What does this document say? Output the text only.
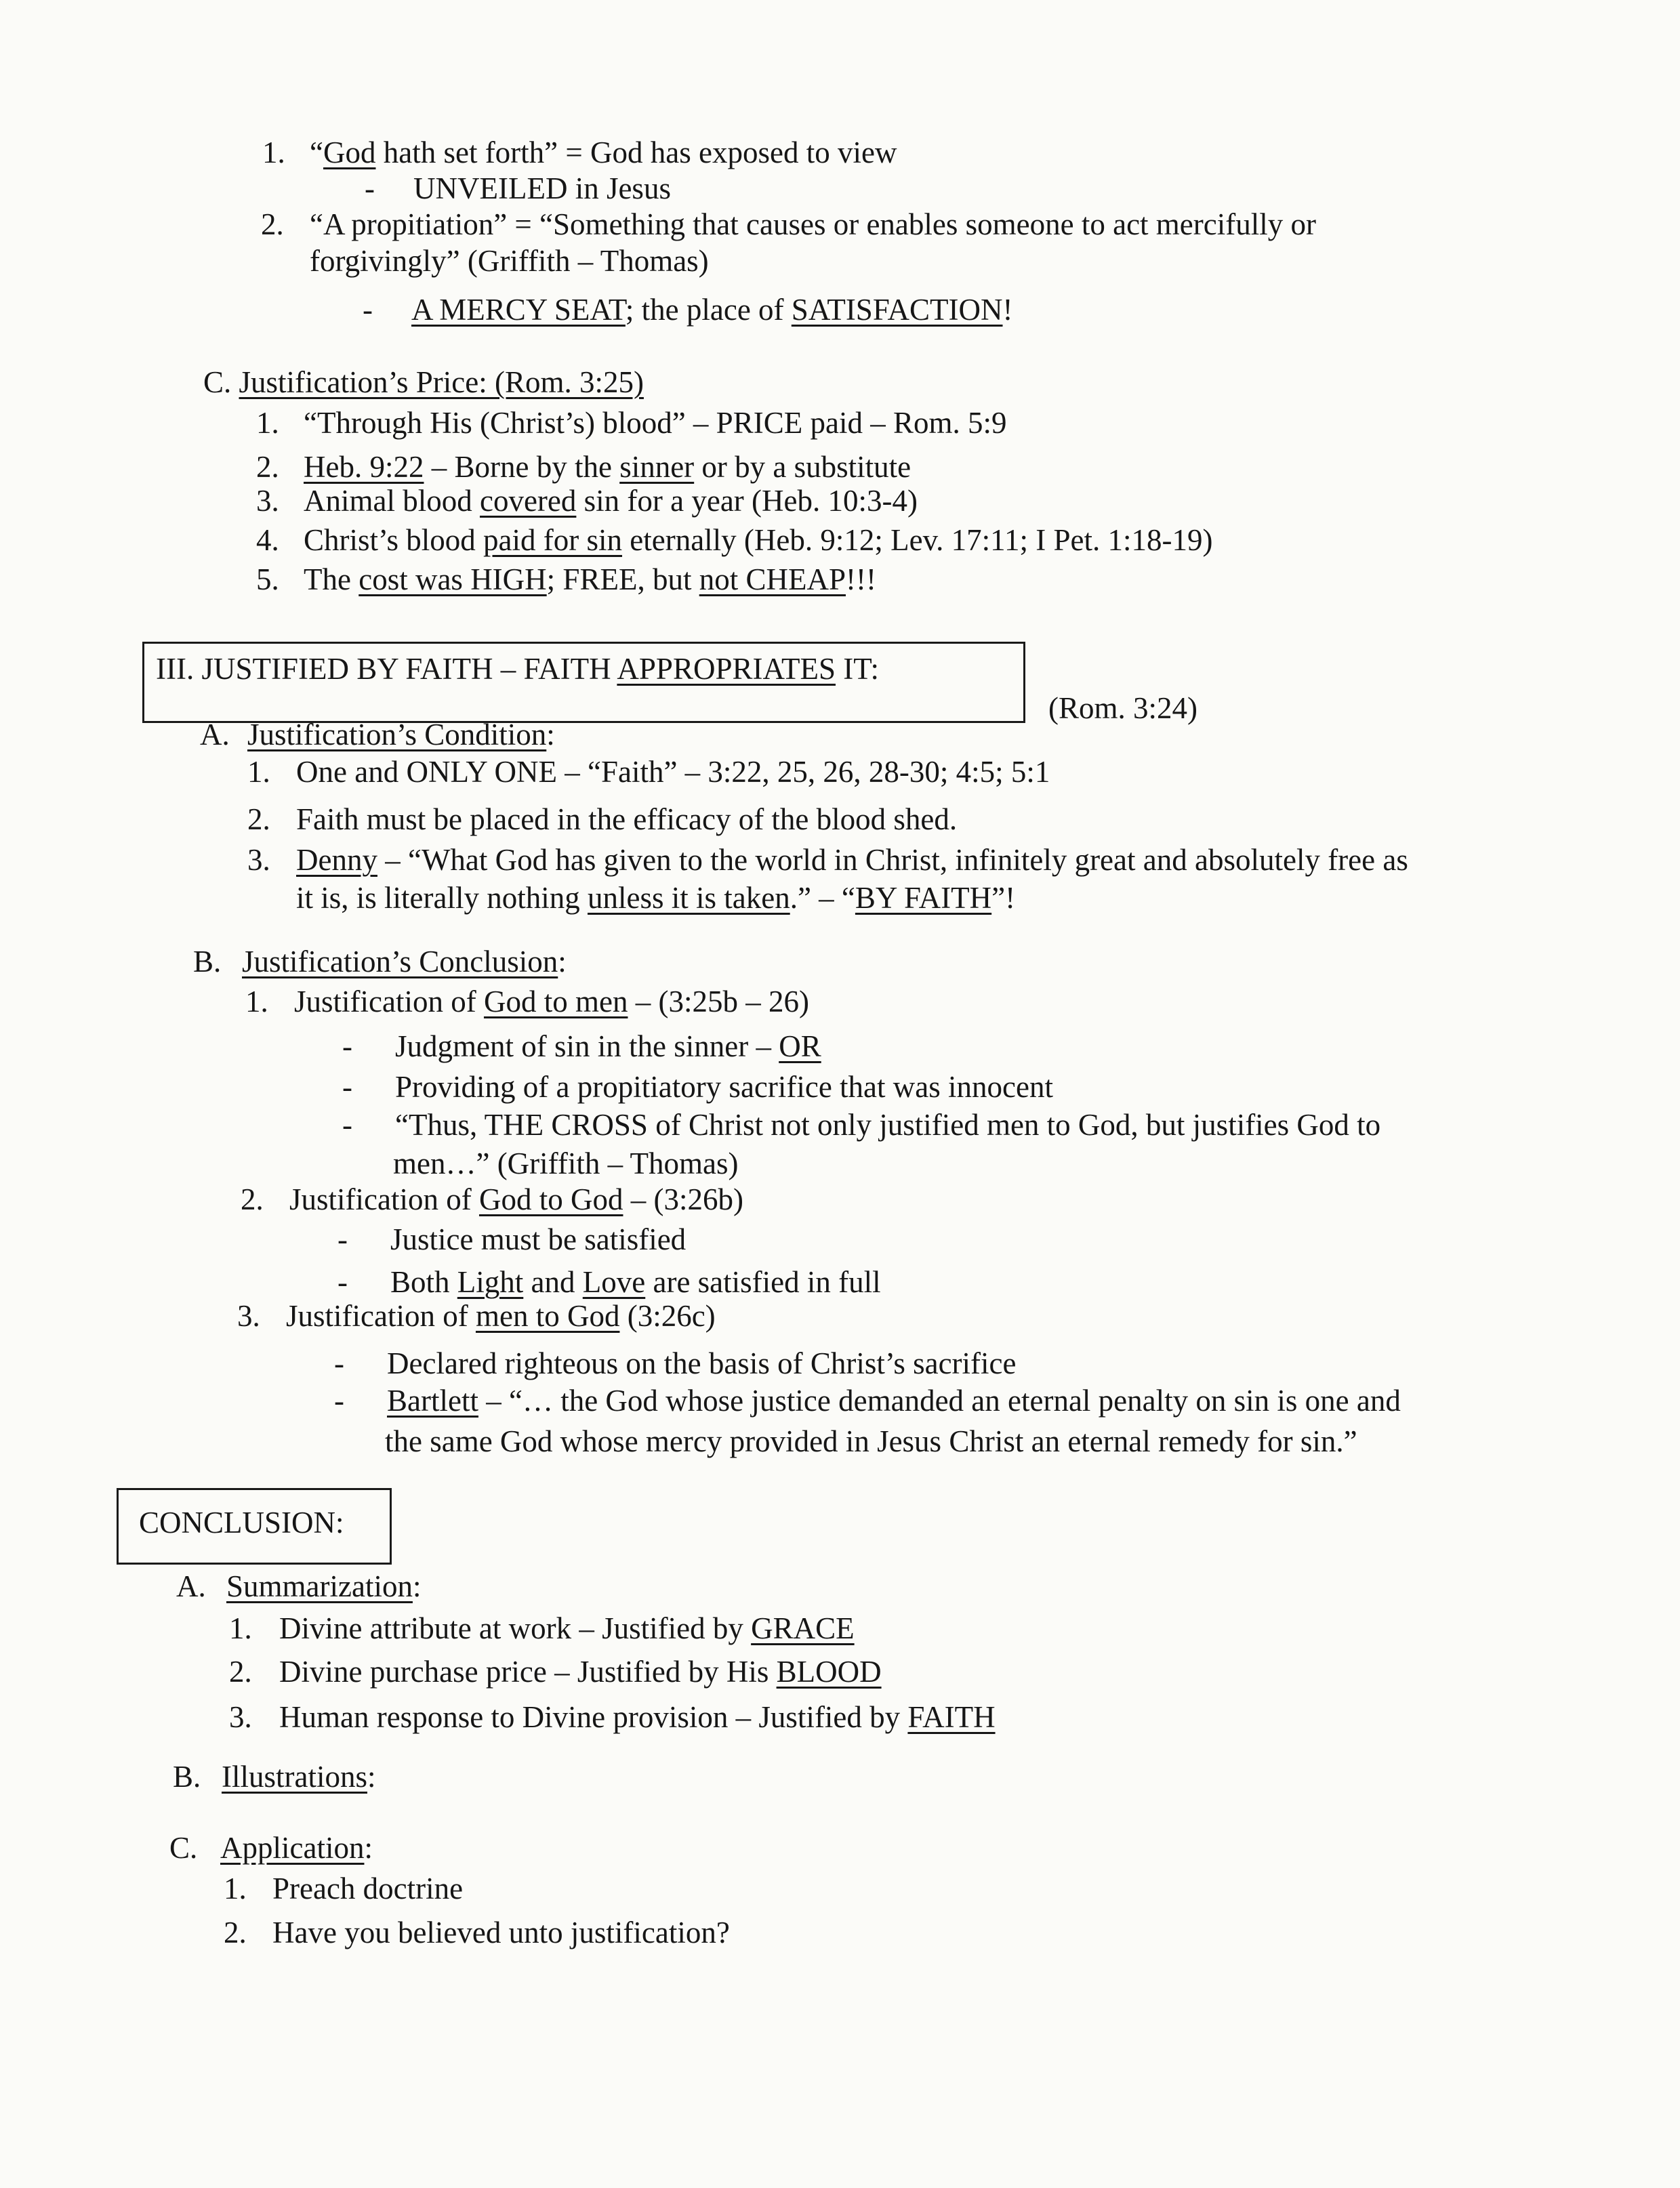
1. “God hath set forth” = God has exposed to view
- UNVEILED in Jesus
2. “A propitiation” = “Something that causes or enables someone to act mercifully or
forgivingly” (Griffith – Thomas)
- A MERCY SEAT; the place of SATISFACTION!
C. Justification’s Price: (Rom. 3:25)
1. “Through His (Christ’s) blood” – PRICE paid – Rom. 5:9
2. Heb. 9:22 – Borne by the sinner or by a substitute
3. Animal blood covered sin for a year (Heb. 10:3-4)
4. Christ’s blood paid for sin eternally (Heb. 9:12; Lev. 17:11; I Pet. 1:18-19)
5. The cost was HIGH; FREE, but not CHEAP!!!
III. JUSTIFIED BY FAITH – FAITH APPROPRIATES IT:
(Rom. 3:24)
A.Justification’s Condition:
1. One and ONLY ONE – “Faith” – 3:22, 25, 26, 28-30; 4:5; 5:1
2. Faith must be placed in the efficacy of the blood shed.
3. Denny – “What God has given to the world in Christ, infinitely great and absolutely free as
it is, is literally nothing unless it is taken.” – “BY FAITH”!
B.Justification’s Conclusion:
1. Justification of God to men – (3:25b – 26)
- Judgment of sin in the sinner – OR
- Providing of a propitiatory sacrifice that was innocent
- “Thus, THE CROSS of Christ not only justified men to God, but justifies God to
men…” (Griffith – Thomas)
2. Justification of God to God – (3:26b)
- Justice must be satisfied
- Both Light and Love are satisfied in full
3. Justification of men to God (3:26c)
- Declared righteous on the basis of Christ’s sacrifice
- Bartlett – “… the God whose justice demanded an eternal penalty on sin is one and
the same God whose mercy provided in Jesus Christ an eternal remedy for sin.”
CONCLUSION:
A.Summarization:
1. Divine attribute at work – Justified by GRACE
2. Divine purchase price – Justified by His BLOOD
3. Human response to Divine provision – Justified by FAITH
B.Illustrations:
C.Application:
1. Preach doctrine
2. Have you believed unto justification?
